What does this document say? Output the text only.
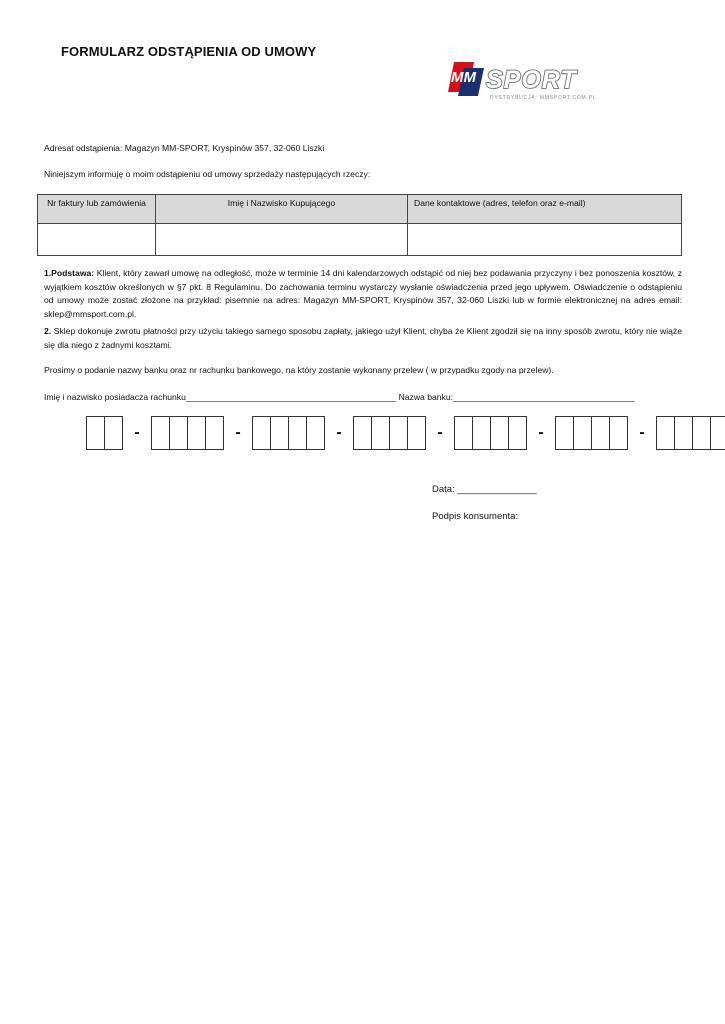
FORMULARZ ODSTĄPIENIA OD UMOWY
MM SPORT
DYSTRYBUCJA: MMSPORT.COM.PL
Adresat odstąpienia: Magazyn MM-SPORT, Kryspinów 357, 32-060 Liszki
Niniejszym informuję o moim odstąpieniu od umowy sprzedaży następujących rzeczy:
Nr faktury lub zamówienia	Imię i Nazwisko Kupującego	Dane kontaktowe (adres, telefon oraz e-mail)

1.Podstawa: Klient, który zawarł umowę na odległość, może w terminie 14 dni kalendarzowych odstąpić od niej bez podawania przyczyny i bez ponoszenia kosztów, z wyjątkiem kosztów określonych w §7 pkt. 8 Regulaminu. Do zachowania terminu wystarczy wysłanie oświadczenia przed jego upływem. Oświadczenie o odstąpieniu od umowy może zostać złożone na przykład: pisemnie na adres: Magazyn MM-SPORT, Kryspinów 357, 32-060 Liszki lub w formie elektronicznej na adres email: sklep@mmsport.com.pl.
2. Sklep dokonuje zwrotu płatności przy użyciu takiego samego sposobu zapłaty, jakiego użył Klient, chyba że Klient zgodził się na inny sposób zwrotu, który nie wiąże się dla niego z żadnymi kosztami.
Prosimy o podanie nazwy banku oraz nr rachunku bankowego, na który zostanie wykonany przelew ( w przypadku zgody na przelew).
Imię i nazwisko posiadacza rachunku____________________________________________ Nazwa banku:______________________________________
-	-	-	-	-	-
Data: _______________
Podpis konsumenta:
